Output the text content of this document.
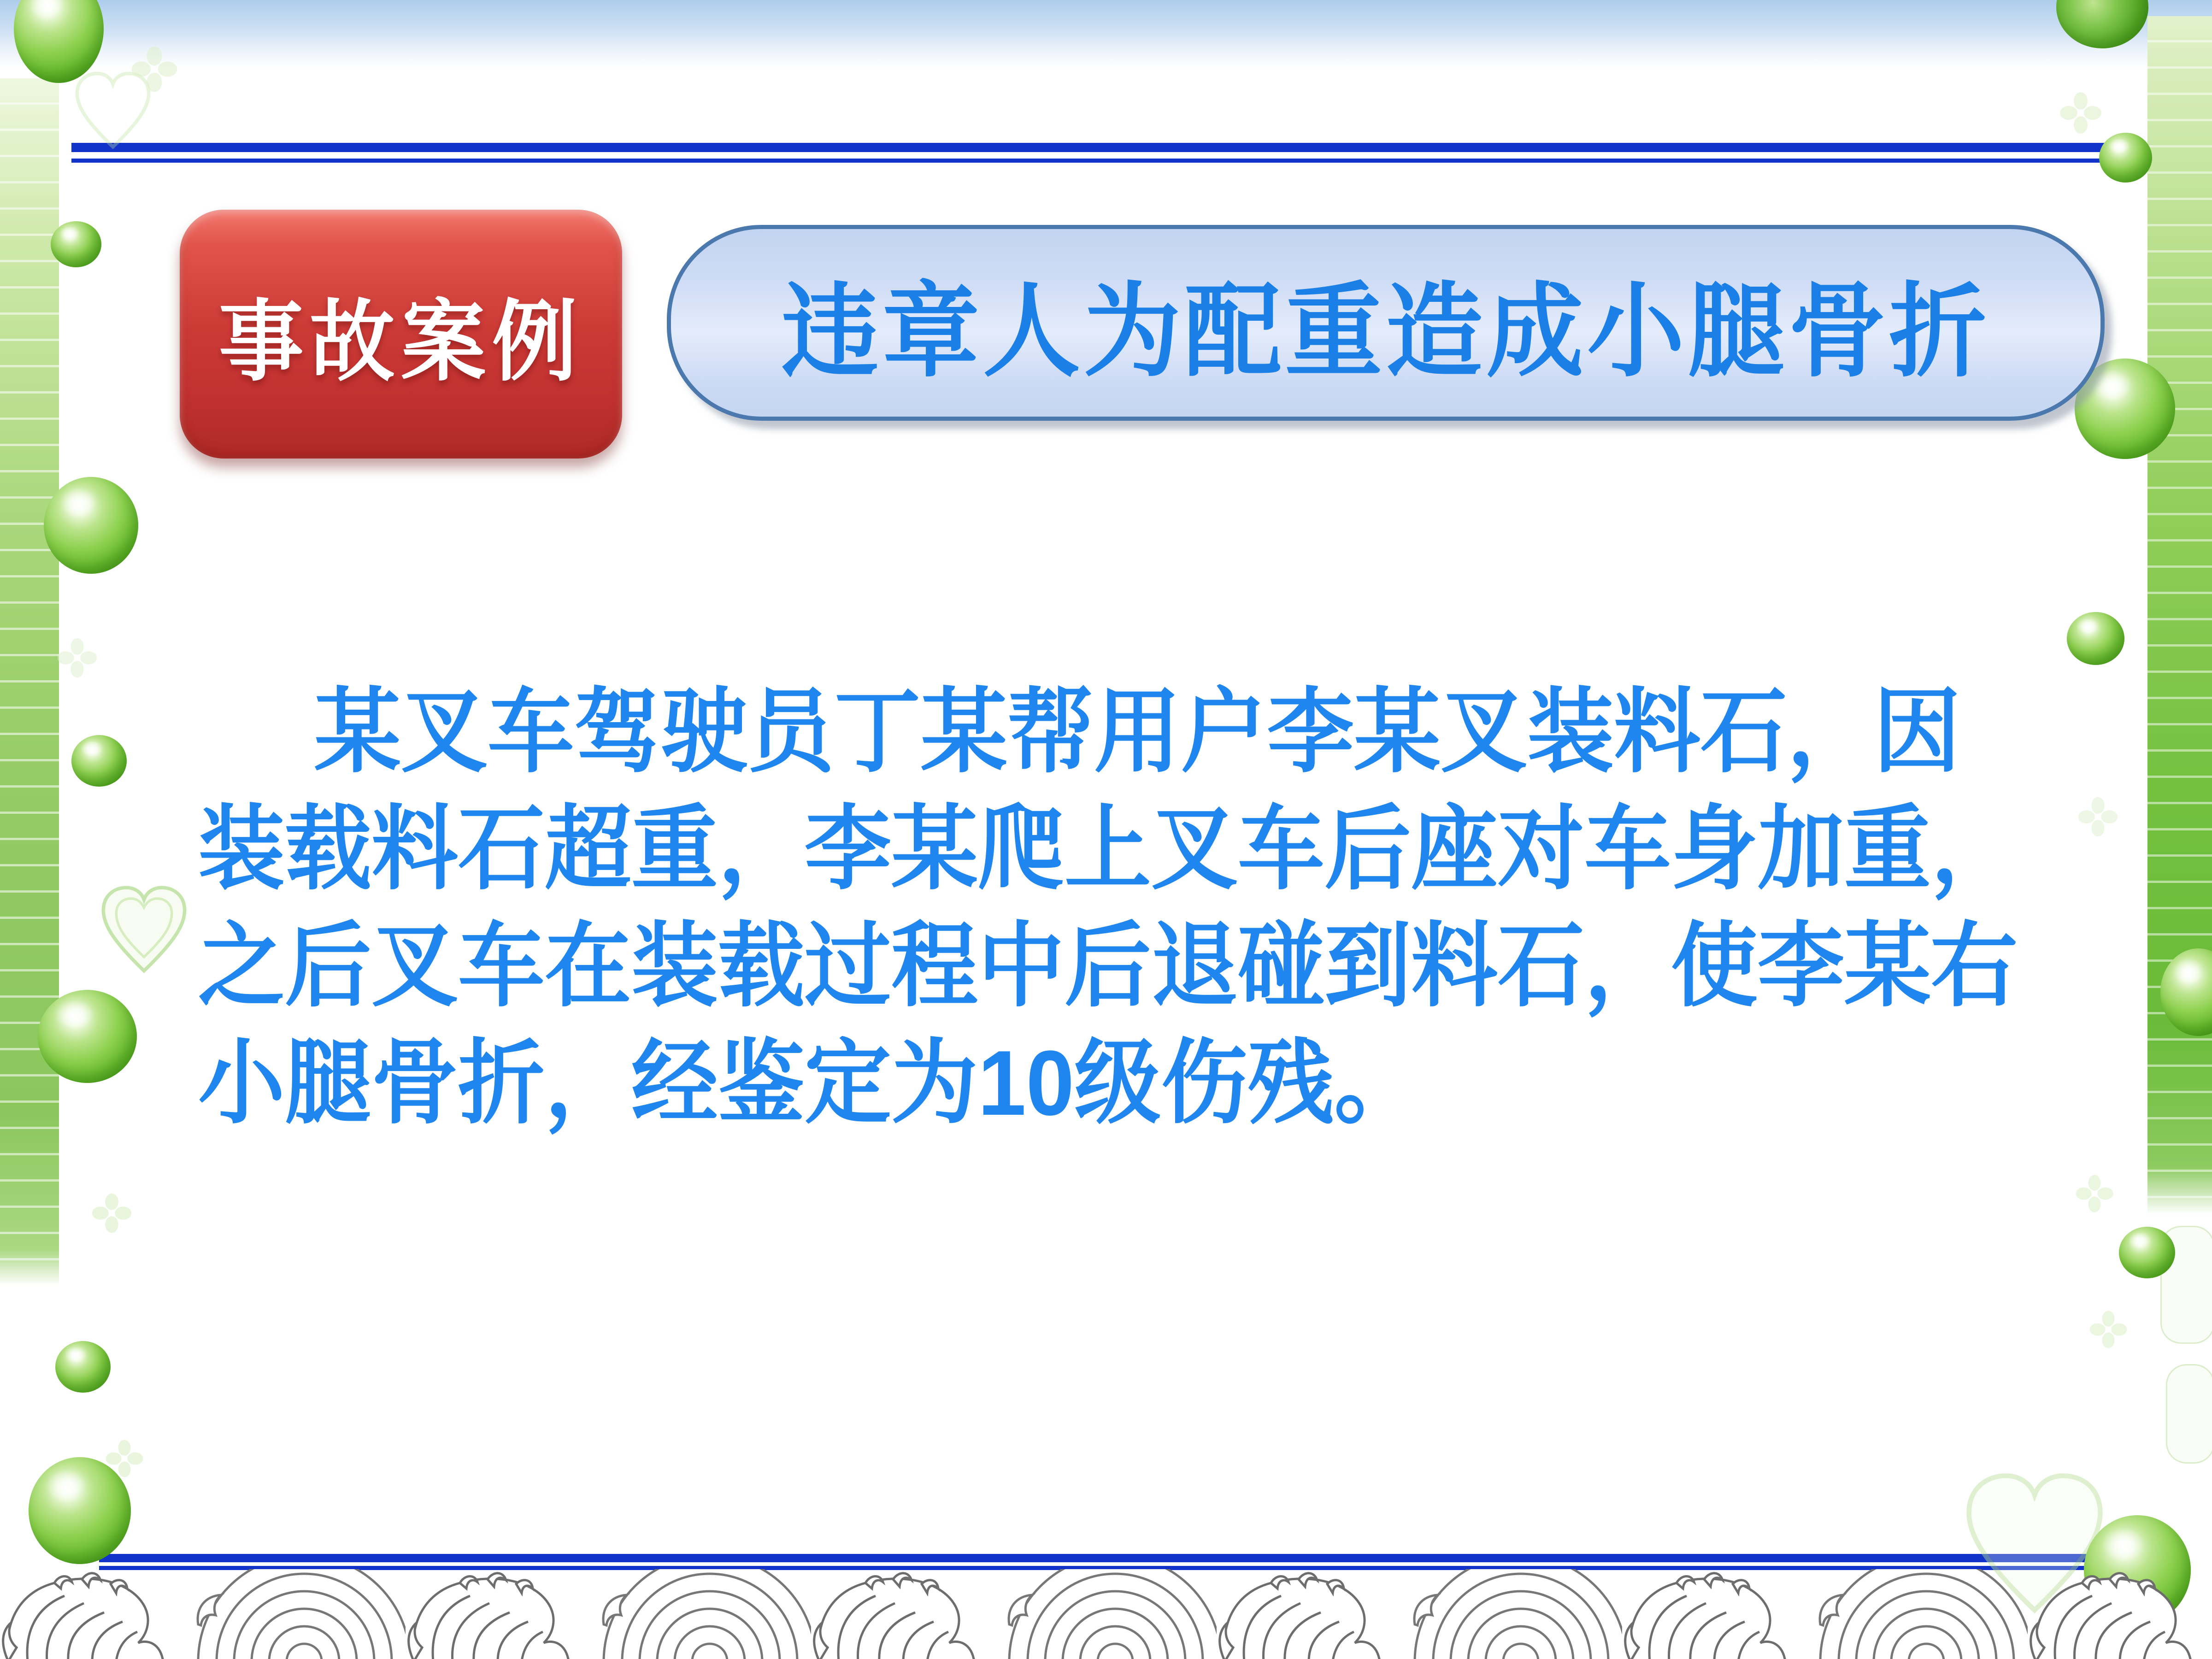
事故案例 违章人为配重造成小腿骨折
某叉车驾驶员丁某帮用户李某叉装料石，因
装载料石超重，李某爬上叉车后座对车身加重，
之后叉车在装载过程中后退碰到料石，使李某右
小腿骨折，经鉴定为10级伤残。
